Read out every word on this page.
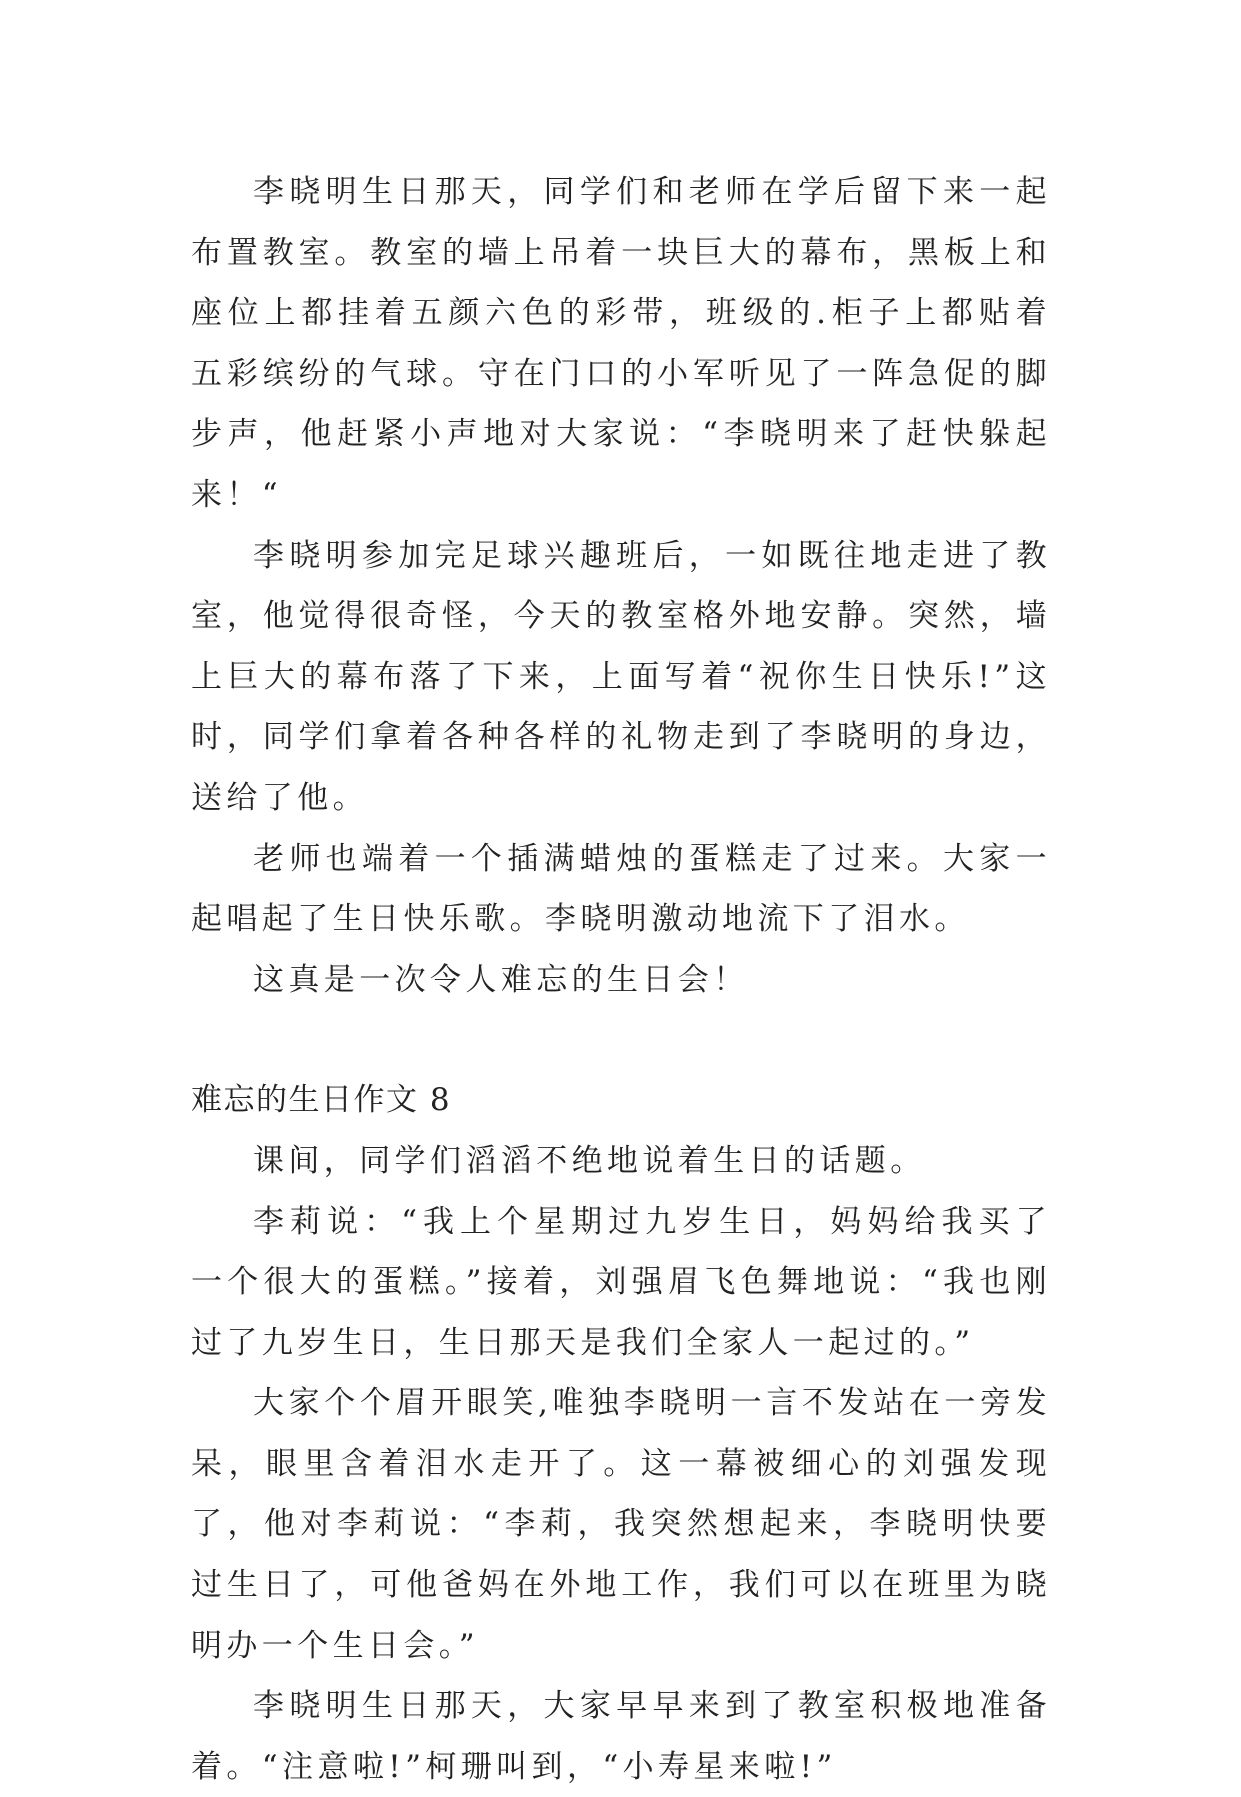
李晓明生日那天，同学们和老师在学后留下来一起布置教室。教室的墙上吊着一块巨大的幕布，黑板上和座位上都挂着五颜六色的彩带，班级的.柜子上都贴着五彩缤纷的气球。守在门口的小军听见了一阵急促的脚步声，他赶紧小声地对大家说：“李晓明来了赶快躲起来！“

李晓明参加完足球兴趣班后，一如既往地走进了教室，他觉得很奇怪，今天的教室格外地安静。突然，墙上巨大的幕布落了下来，上面写着“祝你生日快乐!”这时，同学们拿着各种各样的礼物走到了李晓明的身边，送给了他。

老师也端着一个插满蜡烛的蛋糕走了过来。大家一起唱起了生日快乐歌。李晓明激动地流下了泪水。

这真是一次令人难忘的生日会！

难忘的生日作文 8

课间，同学们滔滔不绝地说着生日的话题。

李莉说：“我上个星期过九岁生日，妈妈给我买了一个很大的蛋糕。”接着，刘强眉飞色舞地说：“我也刚过了九岁生日，生日那天是我们全家人一起过的。”

大家个个眉开眼笑,唯独李晓明一言不发站在一旁发呆，眼里含着泪水走开了。这一幕被细心的刘强发现了，他对李莉说：“李莉，我突然想起来，李晓明快要过生日了，可他爸妈在外地工作，我们可以在班里为晓明办一个生日会。”

李晓明生日那天，大家早早来到了教室积极地准备着。“注意啦!”柯珊叫到，“小寿星来啦!”
